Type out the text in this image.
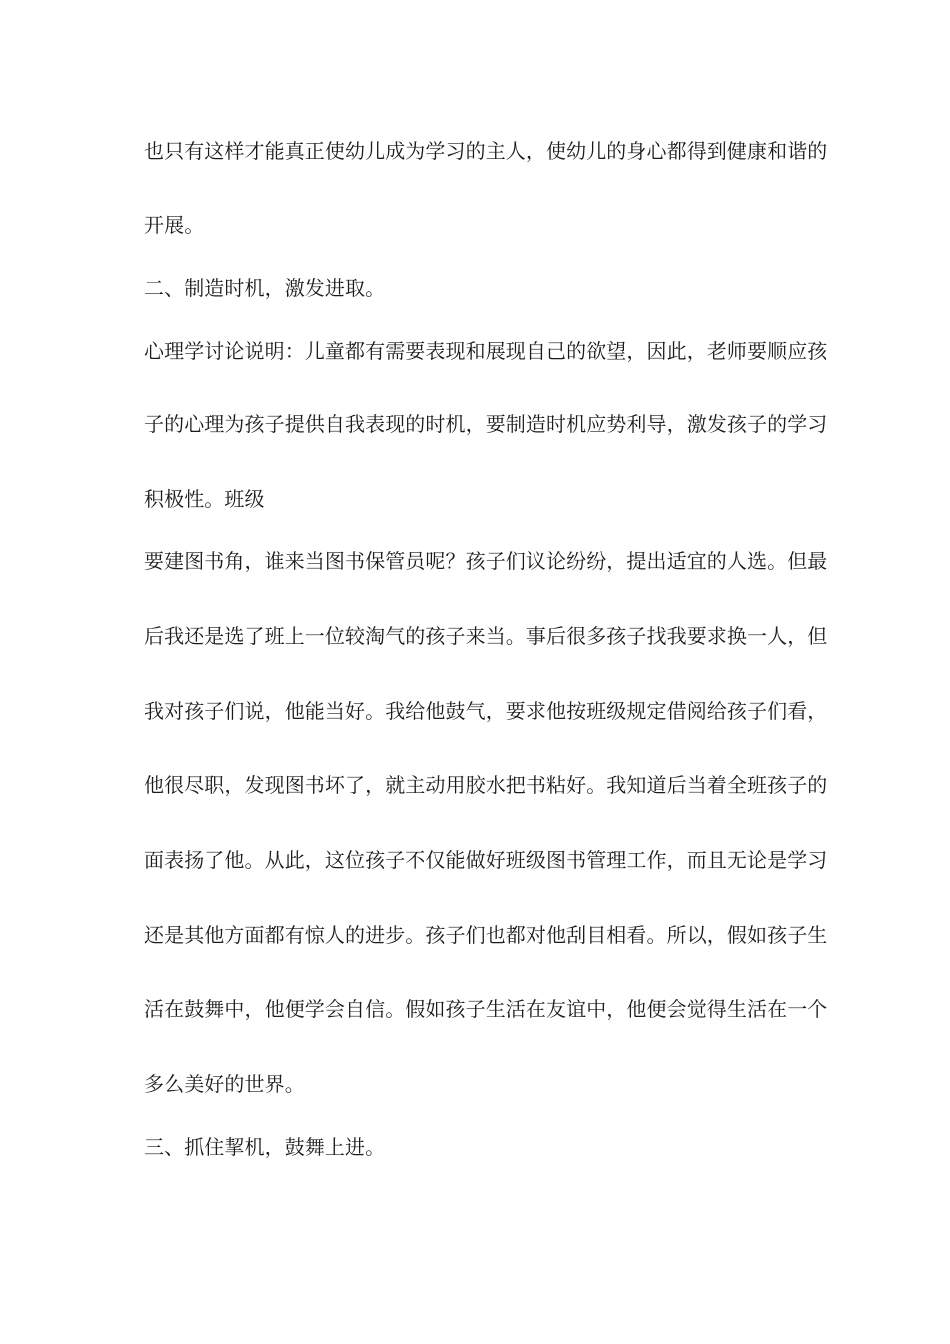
也只有这样才能真正使幼儿成为学习的主人，使幼儿的身心都得到健康和谐的
开展。
二、制造时机，激发进取。
心理学讨论说明：儿童都有需要表现和展现自己的欲望，因此，老师要顺应孩
子的心理为孩子提供自我表现的时机，要制造时机应势利导，激发孩子的学习
积极性。班级
要建图书角，谁来当图书保管员呢？孩子们议论纷纷，提出适宜的人选。但最
后我还是选了班上一位较淘气的孩子来当。事后很多孩子找我要求换一人，但
我对孩子们说，他能当好。我给他鼓气，要求他按班级规定借阅给孩子们看，
他很尽职，发现图书坏了，就主动用胶水把书粘好。我知道后当着全班孩子的
面表扬了他。从此，这位孩子不仅能做好班级图书管理工作，而且无论是学习
还是其他方面都有惊人的进步。孩子们也都对他刮目相看。所以，假如孩子生
活在鼓舞中，他便学会自信。假如孩子生活在友谊中，他便会觉得生活在一个
多么美好的世界。
三、抓住挈机，鼓舞上进。
